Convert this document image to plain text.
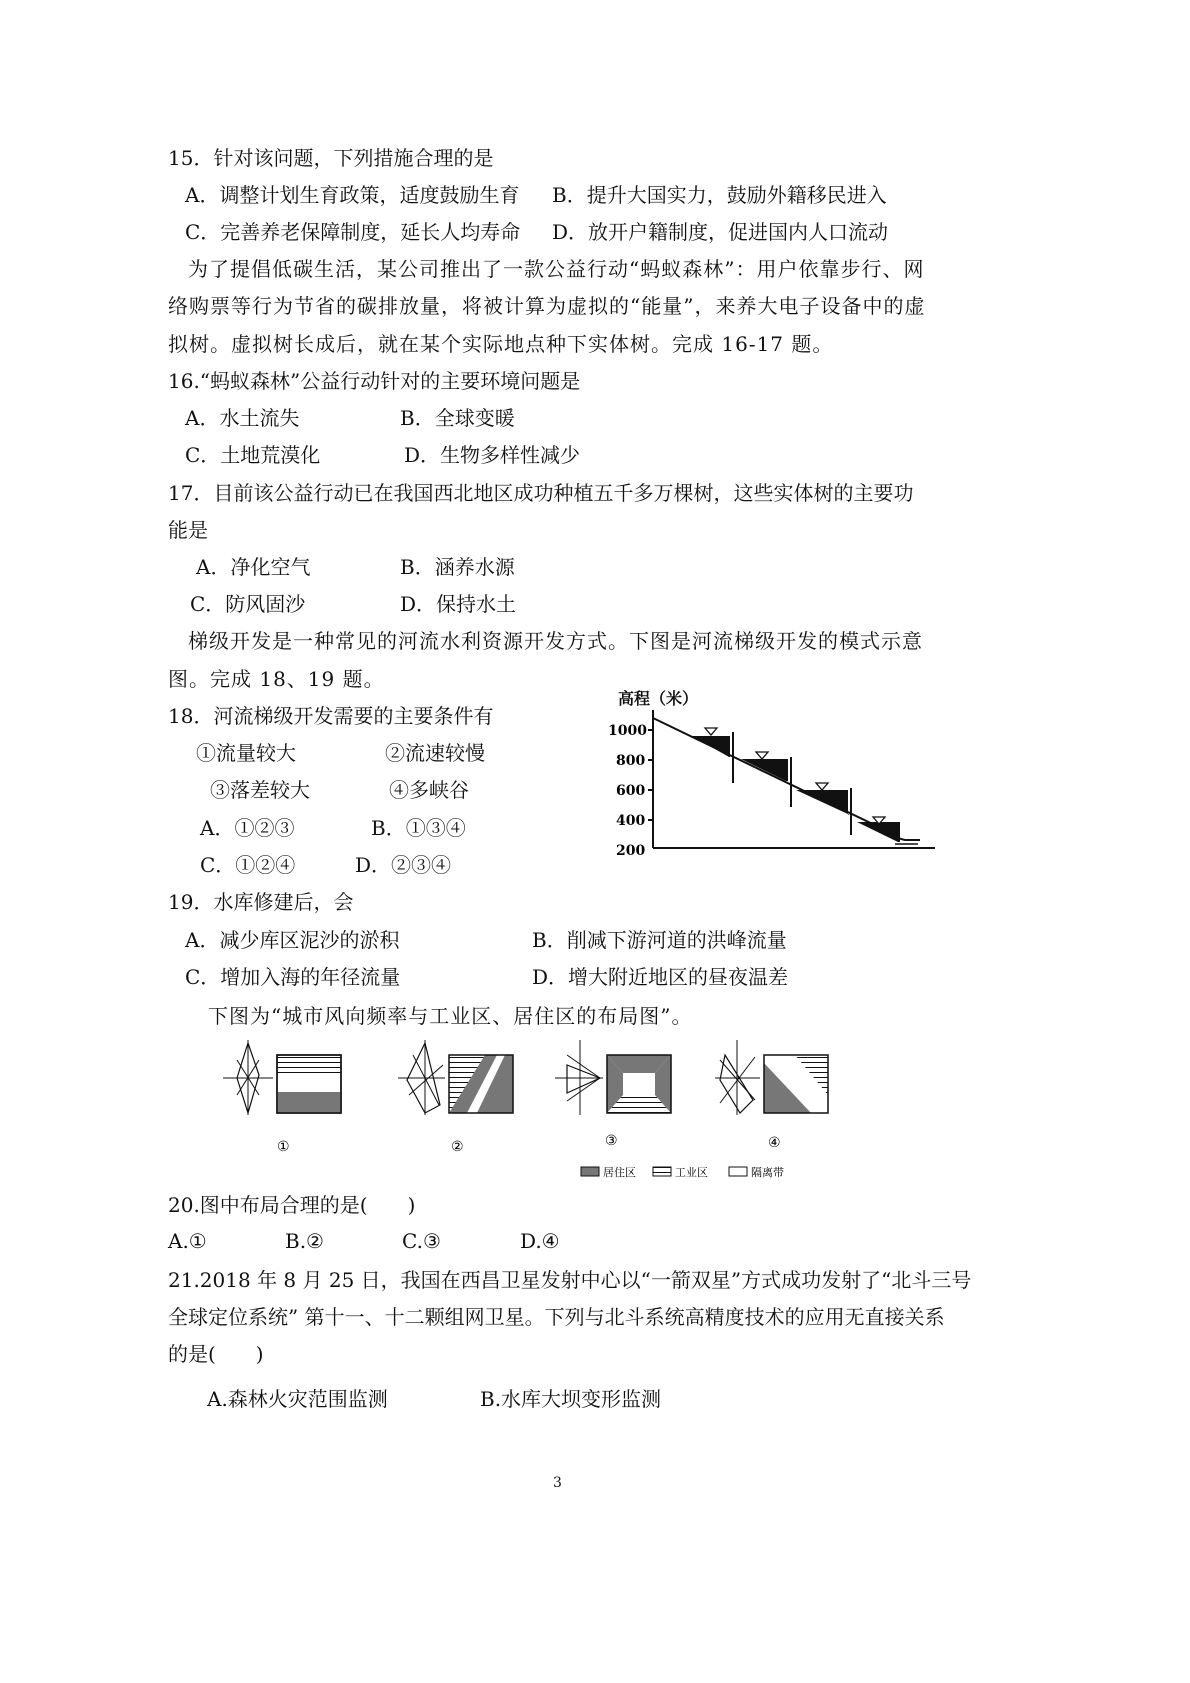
15．针对该问题，下列措施合理的是
A．调整计划生育政策，适度鼓励生育 B．提升大国实力，鼓励外籍移民进入
C．完善养老保障制度，延长人均寿命 D．放开户籍制度，促进国内人口流动
为了提倡低碳生活，某公司推出了一款公益行动“蚂蚁森林”：用户依靠步行、网
络购票等行为节省的碳排放量，将被计算为虚拟的“能量”，来养大电子设备中的虚
拟树。虚拟树长成后，就在某个实际地点种下实体树。完成 16-17 题。
16.“蚂蚁森林”公益行动针对的主要环境问题是
A．水土流失	B．全球变暖
C．土地荒漠化	D．生物多样性减少
17．目前该公益行动已在我国西北地区成功种植五千多万棵树，这些实体树的主要功
能是
A．净化空气	B．涵养水源
C．防风固沙	D．保持水土
梯级开发是一种常见的河流水利资源开发方式。下图是河流梯级开发的模式示意
图。完成 18、19 题。
18．河流梯级开发需要的主要条件有
①流量较大	②流速较慢
③落差较大	④多峡谷
A．①②③	B．①③④
C．①②④	D．②③④
高程（米）
1000
800
600
400
200
19．水库修建后，会
A．减少库区泥沙的淤积	B．削减下游河道的洪峰流量
C．增加入海的年径流量	D．增大附近地区的昼夜温差
下图为“城市风向频率与工业区、居住区的布局图”。
①	②	③	④
居住区	工业区	隔离带
20.图中布局合理的是(　　)
A.①	B.②	C.③	D.④
21.2018 年 8 月 25 日，我国在西昌卫星发射中心以“一箭双星”方式成功发射了“北斗三号
全球定位系统” 第十一、十二颗组网卫星。下列与北斗系统高精度技术的应用无直接关系
的是(　　)
A.森林火灾范围监测	B.水库大坝变形监测
3
